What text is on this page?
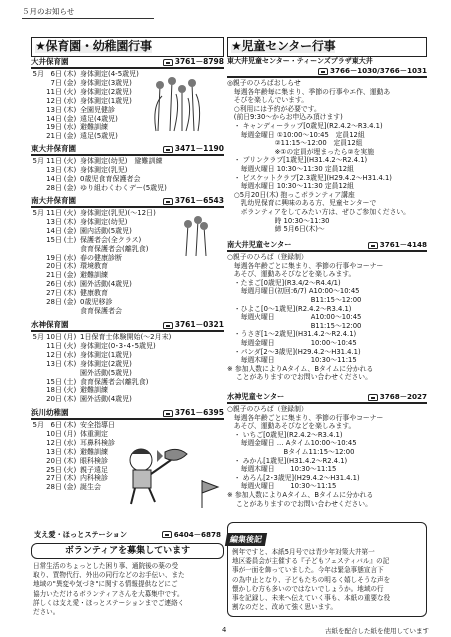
５月のお知らせ
★保育園・幼稚園行事	★児童センター行事
大井保育園	3761－8798
5月 6日 (木) 身体測定(4-5歳児)
7日 (金) 身体測定(3歳児)
11日 (火) 身体測定(2歳児)
12日 (水) 身体測定(1歳児)
13日 (木) 全園児健診
14日 (金) 遠足(4歳児)
19日 (水) 避難訓練
21日 (金) 遠足(5歳児)
東大井保育園	3471－1190
5月 11日 (火) 身体測定(幼児)　避難訓練
13日 (木) 身体測定(乳児)
14日 (金) 0歳児食育保護者会
28日 (金) ゆり組わくわくデー(5歳児)
南大井保育園	3761－6543
5月 11日 (火) 身体測定(乳児)(～12日)
13日 (木) 身体測定(幼児)
14日 (金) 園内活動(5歳児)
15日 (土) 保護者会(全クラス)
食育保護者会(離乳食)
19日 (水) 春の健康診断
20日 (木) 環境教育
21日 (金) 避難訓練
26日 (水) 園外活動(4歳児)
27日 (木) 健康教育
28日 (金) 0歳児移診
食育保護者会
水神保育園	3761－0321
5月 10日 (月) 1日保育士体験開始(～2月末)
11日 (火) 身体測定(0･3･4･5歳児)
12日 (水) 身体測定(1歳児)
13日 (木) 身体測定(2歳児)
園外活動(5歳児)
15日 (土) 食育保護者会(離乳食)
18日 (火) 避難訓練
20日 (木) 園外活動(4歳児)
浜川幼稚園	3761－6395
5月 6日 (木) 安全指導日
10日 (月) 体重測定
12日 (水) 耳鼻科検診
13日 (木) 避難訓練
20日 (木) 眼科検診
25日 (火) 親子遠足
27日 (木) 内科検診
28日 (金) 誕生会
支え愛・ほっとステーション	6404－6878
ボランティアを募集しています
日常生活のちょっとした困り事、通院後の薬の受
取り、買物代行、外出の同行などのお手伝い、また
地域の"異変や気づき"に関する情報提供などにご
協力いただけるボランティアさんを大募集中です。
詳しくは支え愛・ほっとステーションまでご連絡く
ださい。
東大井児童センター・ティーンズプラザ東大井
3766－1030/3766－1031
◎親子のひろばおしらせ
　毎週各年齢毎に集まり、季節の行事やエ作、運動あ
　そびを楽しんでいます。
　○利用には予約が必要です。
　(前日9:30～からお申込み頂けます)
　・ キャンディーラップ[0歳児](R2.4.2～R3.4.1)
　　毎週金曜日 ①10:00～10:45　定員12組
　　　　　　　②11:15～12:00　定員12組
　　　　　　　※①の定員が埋まったら②を実施
　・ プリンクラブ[1歳児](H31.4.2～R2.4.1)
　　毎週火曜日 10:30～11:30 定員12組
　・ ビスケットクラブ[2.3歳児](H29.4.2～H31.4.1)
　　毎週水曜日 10:30～11:30 定員12組
　○5月20日(木) 抱っこボランティア講座
　　乳幼児保育に興味のある方、児童センターで
　　ボランティアをしてみたい方は、ぜひご参加ください。
　　　　　　　時 10:30～11:30
　　　　　　　締 5月6日(木)～
南大井児童センター	3761－4148
○親子のひろば（登録制）
　毎週各年齢ごとに集まり、季節の行事やコーナー
　あそび、運動あそびなどを楽しみます。
　・たまご[0歳児](R3.4/2～R4.4/1)
　　毎週月曜日(初回:6/7) A10:00～10:45
　　　　　　　　　　　　 B11:15～12:00
　・ひよこ[0～1歳児](R2.4.2～R3.4.1)
　　毎週火曜日　　　　　 A10:00～10:45
　　　　　　　　　　　　 B11:15～12:00
　・うさぎ[1～2歳児](H31.4.2～R2.4.1)
　　毎週金曜日　　　　　 10:00～10:45
　・パンダ[2～3歳児](H29.4.2～H31.4.1)
　　毎週木曜日　　　　　 10:30～11:15
※ 参加人数によりAタイム、Bタイムに分かれる
　 ことがありますのでお問い合わせください。
水神児童センター	3768－2027
○親子のひろば（登録制）
　毎週各年齢ごとに集まり、季節の行事やコーナー
　あそび、運動あそびなどを楽しみます。
　・ いちご[0歳児](R2.4.2～R3.4.1)
　　毎週金曜日 … Aタイム10:00～10:45
　　　　　　　　 Bタイム11:15～12:00
　・ みかん[1歳児](H31.4.2～R2.4.1)
　　毎週木曜日　　 10:30～11:15
　・ めろん[2･3歳児](H29.4.2～H31.4.1)
　　毎週火曜日　　 10:30～11:15
※ 参加人数によりAタイム、Bタイムに分かれる
　 ことがありますのでお問い合わせください。
編集後記
例年ですと、本紙5月号では青少年対策大井第一
地区委員会が主催する『子どもフェスティバル』の記
事が一面を飾っていました。今年は緊急事態宣言下
の為中止となり、子どもたちの明るく嬉しそうな声を
懐かしむ方も多いのではないでしょうか。地域の行
事を記録し、未来へ伝えていく事も、本紙の重要な役
割なのだと、改めて強く思います。
4	古紙を配合した紙を使用しています
